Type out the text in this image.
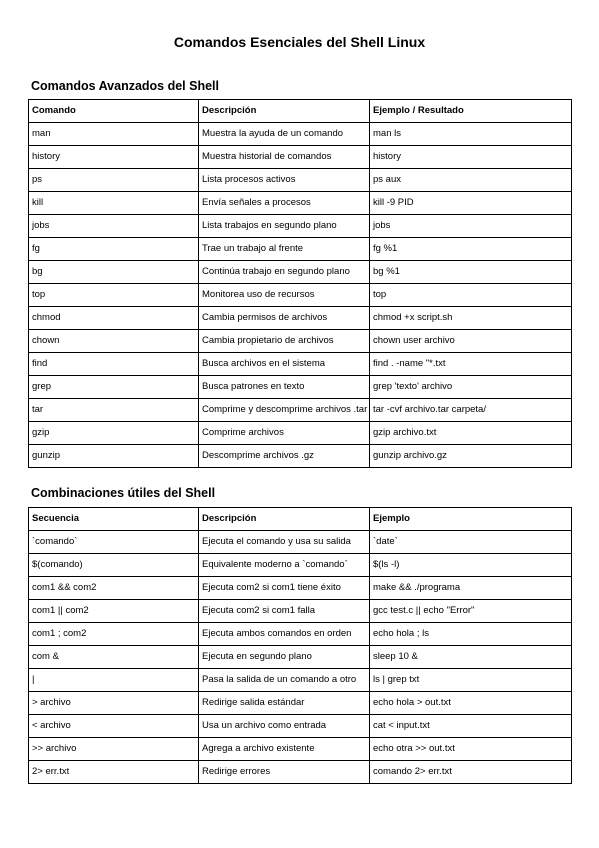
Comandos Esenciales del Shell Linux
Comandos Avanzados del Shell
Comando	Descripción	Ejemplo / Resultado
man	Muestra la ayuda de un comando	man ls
history	Muestra historial de comandos	history
ps	Lista procesos activos	ps aux
kill	Envía señales a procesos	kill -9 PID
jobs	Lista trabajos en segundo plano	jobs
fg	Trae un trabajo al frente	fg %1
bg	Continúa trabajo en segundo plano	bg %1
top	Monitorea uso de recursos	top
chmod	Cambia permisos de archivos	chmod +x script.sh
chown	Cambia propietario de archivos	chown user archivo
find	Busca archivos en el sistema	find . -name "*.txt
grep	Busca patrones en texto	grep 'texto' archivo
tar	Comprime y descomprime archivos .tar	tar -cvf archivo.tar carpeta/
gzip	Comprime archivos	gzip archivo.txt
gunzip	Descomprime archivos .gz	gunzip archivo.gz
Combinaciones útiles del Shell
Secuencia	Descripción	Ejemplo
`comando`	Ejecuta el comando y usa su salida	`date`
$(comando)	Equivalente moderno a `comando`	$(ls -l)
com1 && com2	Ejecuta com2 si com1 tiene éxito	make && ./programa
com1 || com2	Ejecuta com2 si com1 falla	gcc test.c || echo "Error"
com1 ; com2	Ejecuta ambos comandos en orden	echo hola ; ls
com &	Ejecuta en segundo plano	sleep 10 &
|	Pasa la salida de un comando a otro	ls | grep txt
> archivo	Redirige salida estándar	echo hola > out.txt
< archivo	Usa un archivo como entrada	cat < input.txt
>> archivo	Agrega a archivo existente	echo otra >> out.txt
2> err.txt	Redirige errores	comando 2> err.txt
